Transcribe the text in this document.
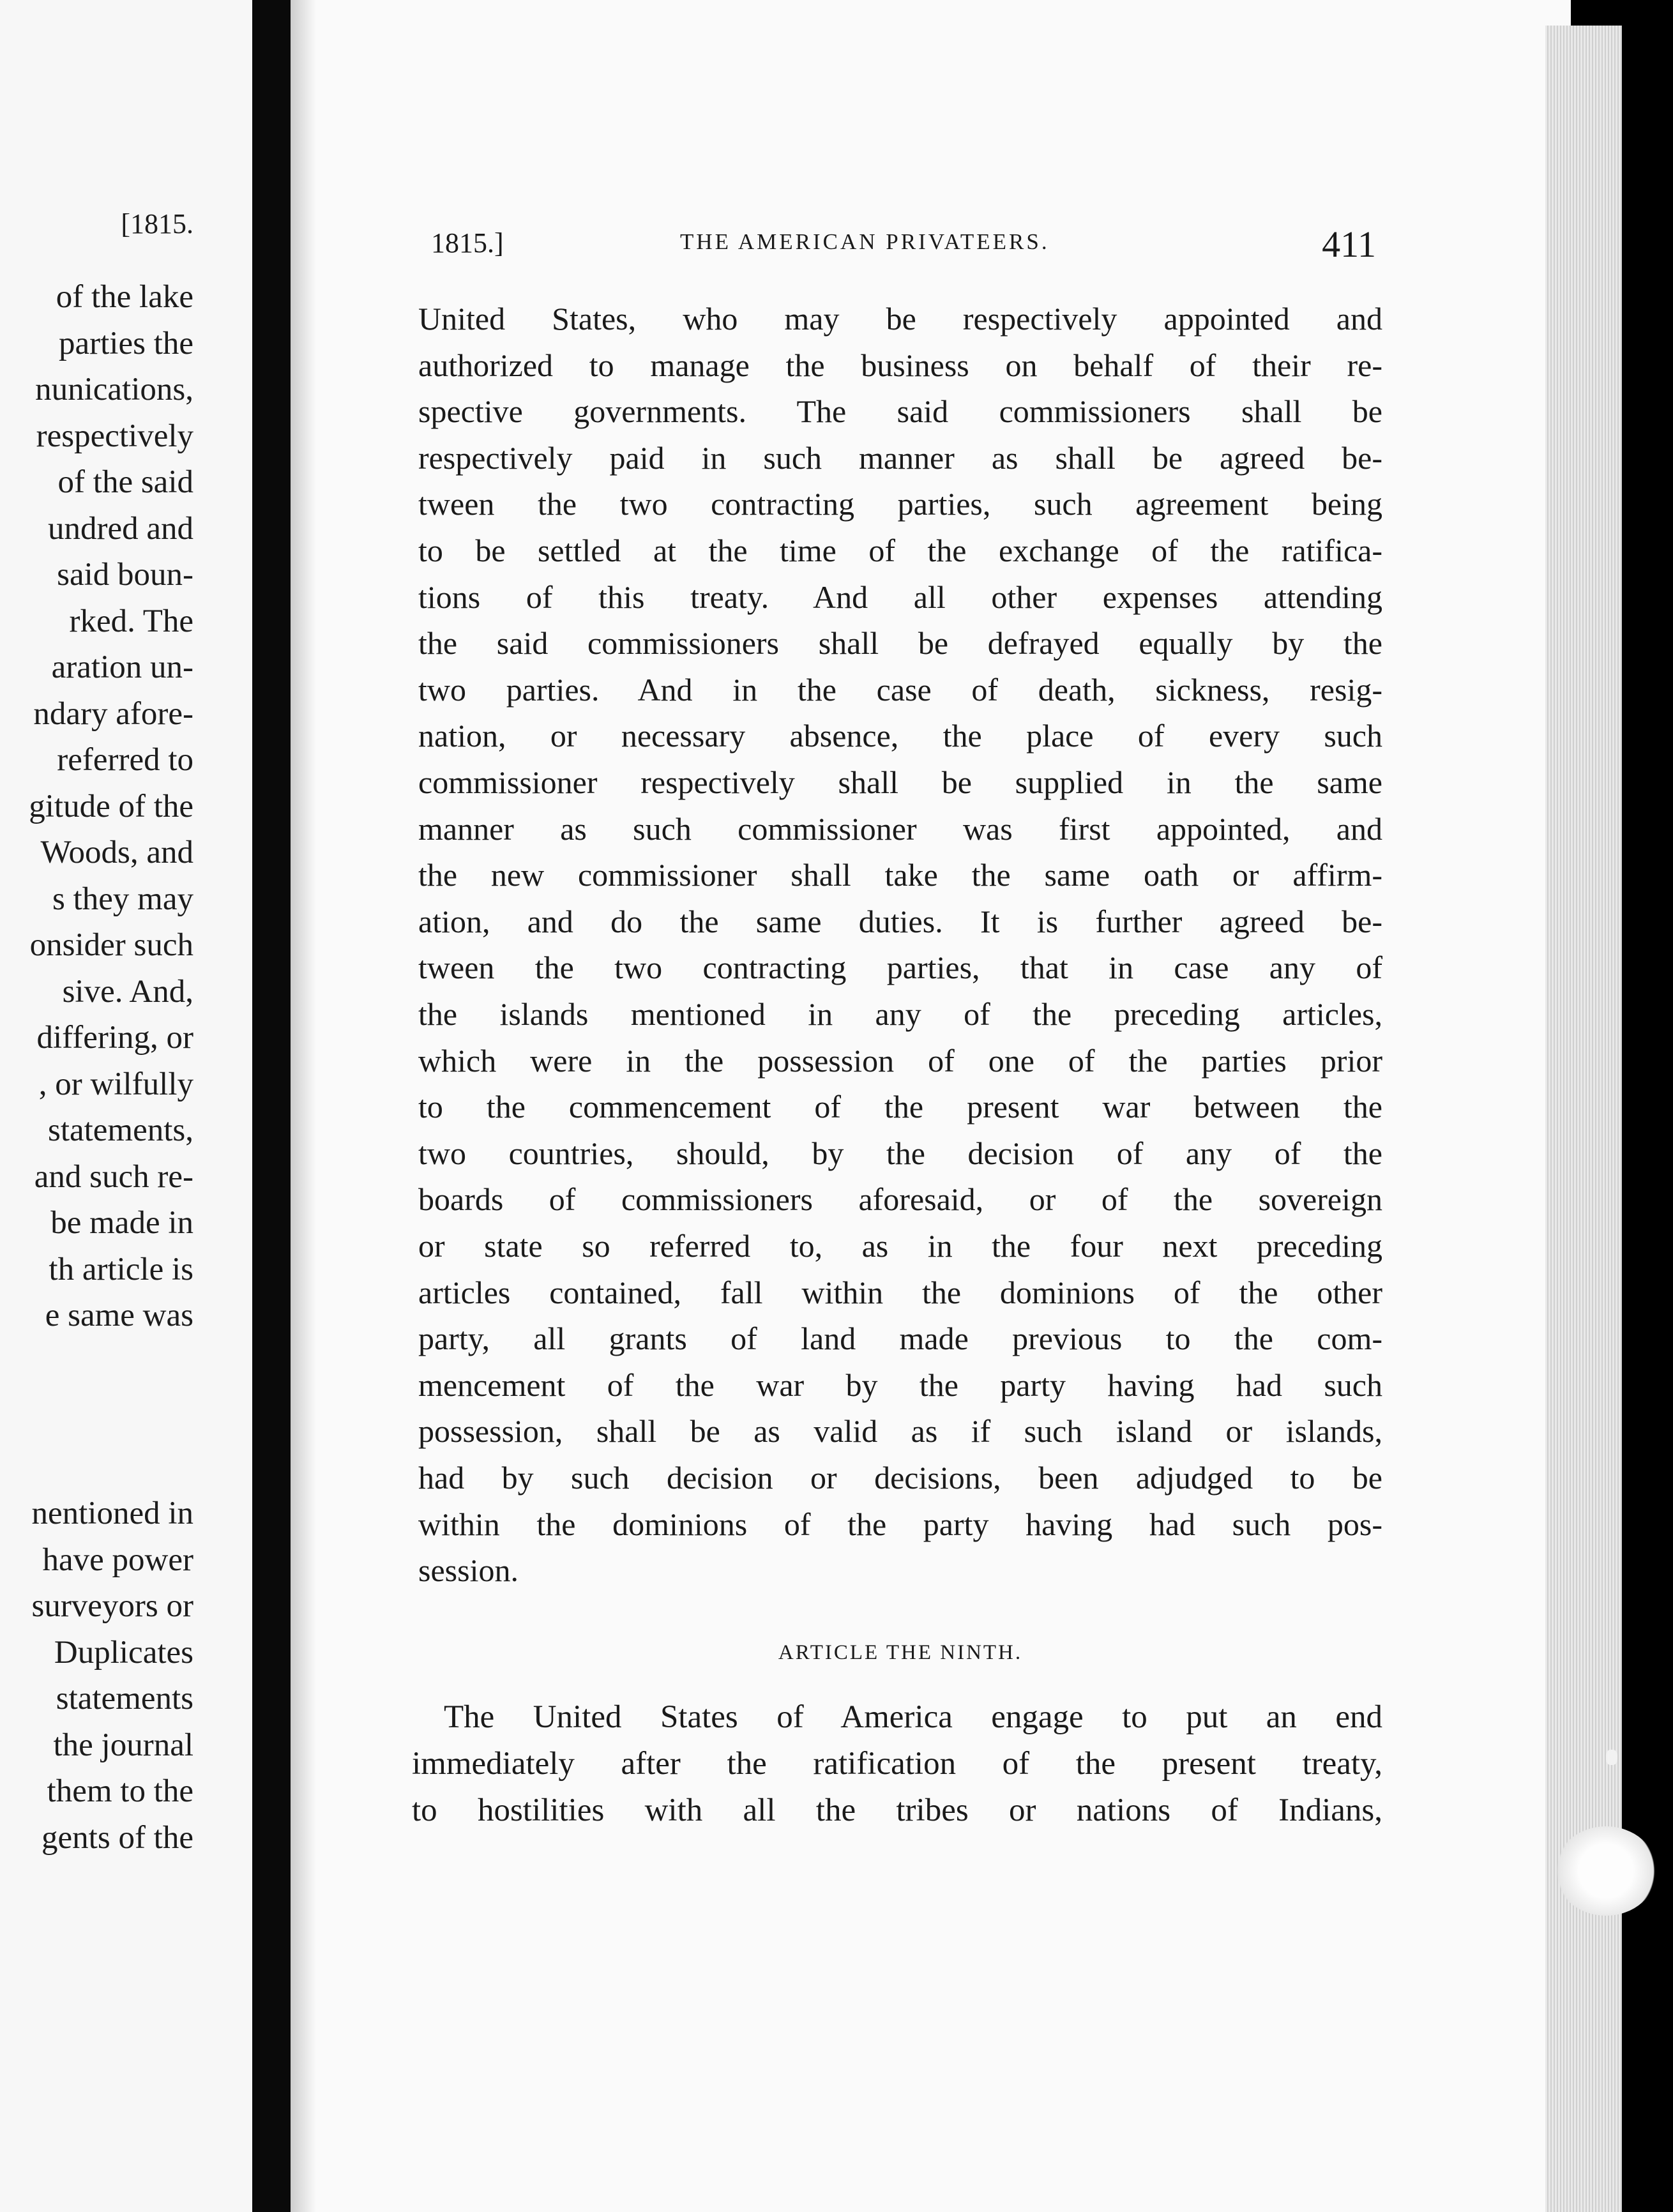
[1815.
of the lake
parties the
nunications,
respectively
of the said
undred and
said boun-
rked. The
aration un-
ndary afore-
referred to
gitude of the
Woods, and
s they may
onsider such
sive. And,
differing, or
, or wilfully
statements,
and such re-
be made in
th article is
e same was
nentioned in
have power
surveyors or
Duplicates
statements
the journal
them to the
gents of the
1815.]	THE AMERICAN PRIVATEERS.	411
United States, who may be respectively appointed and
authorized to manage the business on behalf of their re-
spective governments. The said commissioners shall be
respectively paid in such manner as shall be agreed be-
tween the two contracting parties, such agreement being
to be settled at the time of the exchange of the ratifica-
tions of this treaty. And all other expenses attending
the said commissioners shall be defrayed equally by the
two parties. And in the case of death, sickness, resig-
nation, or necessary absence, the place of every such
commissioner respectively shall be supplied in the same
manner as such commissioner was first appointed, and
the new commissioner shall take the same oath or affirm-
ation, and do the same duties. It is further agreed be-
tween the two contracting parties, that in case any of
the islands mentioned in any of the preceding articles,
which were in the possession of one of the parties prior
to the commencement of the present war between the
two countries, should, by the decision of any of the
boards of commissioners aforesaid, or of the sovereign
or state so referred to, as in the four next preceding
articles contained, fall within the dominions of the other
party, all grants of land made previous to the com-
mencement of the war by the party having had such
possession, shall be as valid as if such island or islands,
had by such decision or decisions, been adjudged to be
within the dominions of the party having had such pos-
session.
ARTICLE THE NINTH.
The United States of America engage to put an end
immediately after the ratification of the present treaty,
to hostilities with all the tribes or nations of Indians,
